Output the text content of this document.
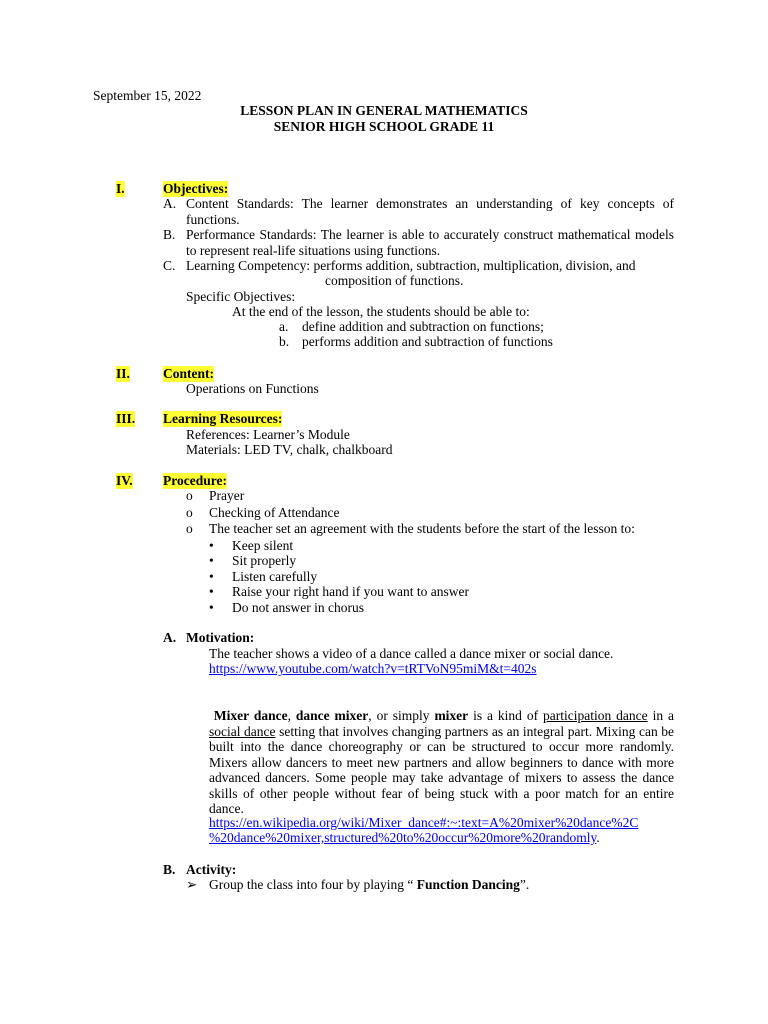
September 15, 2022
LESSON PLAN IN GENERAL MATHEMATICS
SENIOR HIGH SCHOOL GRADE 11
I.	Objectives:
A. Content Standards: The learner demonstrates an understanding of key concepts of functions.
B. Performance Standards: The learner is able to accurately construct mathematical models to represent real-life situations using functions.
C. Learning Competency: performs addition, subtraction, multiplication, division, and
composition of functions.
Specific Objectives:
At the end of the lesson, the students should be able to:
a. define addition and subtraction on functions;
b. performs addition and subtraction of functions
II. Content:
Operations on Functions
III. Learning Resources:
References: Learner’s Module
Materials: LED TV, chalk, chalkboard
IV. Procedure:
o Prayer
o Checking of Attendance
o The teacher set an agreement with the students before the start of the lesson to:
• Keep silent
• Sit properly
• Listen carefully
• Raise your right hand if you want to answer
• Do not answer in chorus
A. Motivation:
The teacher shows a video of a dance called a dance mixer or social dance.
https://www.youtube.com/watch?v=tRTVoN95miM&t=402s
Mixer dance, dance mixer, or simply mixer is a kind of participation dance in a social dance setting that involves changing partners as an integral part. Mixing can be built into the dance choreography or can be structured to occur more randomly. Mixers allow dancers to meet new partners and allow beginners to dance with more advanced dancers. Some people may take advantage of mixers to assess the dance skills of other people without fear of being stuck with a poor match for an entire dance.
https://en.wikipedia.org/wiki/Mixer_dance#:~:text=A%20mixer%20dance%2C
%20dance%20mixer,structured%20to%20occur%20more%20randomly.
B. Activity:
➢ Group the class into four by playing “ Function Dancing”.
